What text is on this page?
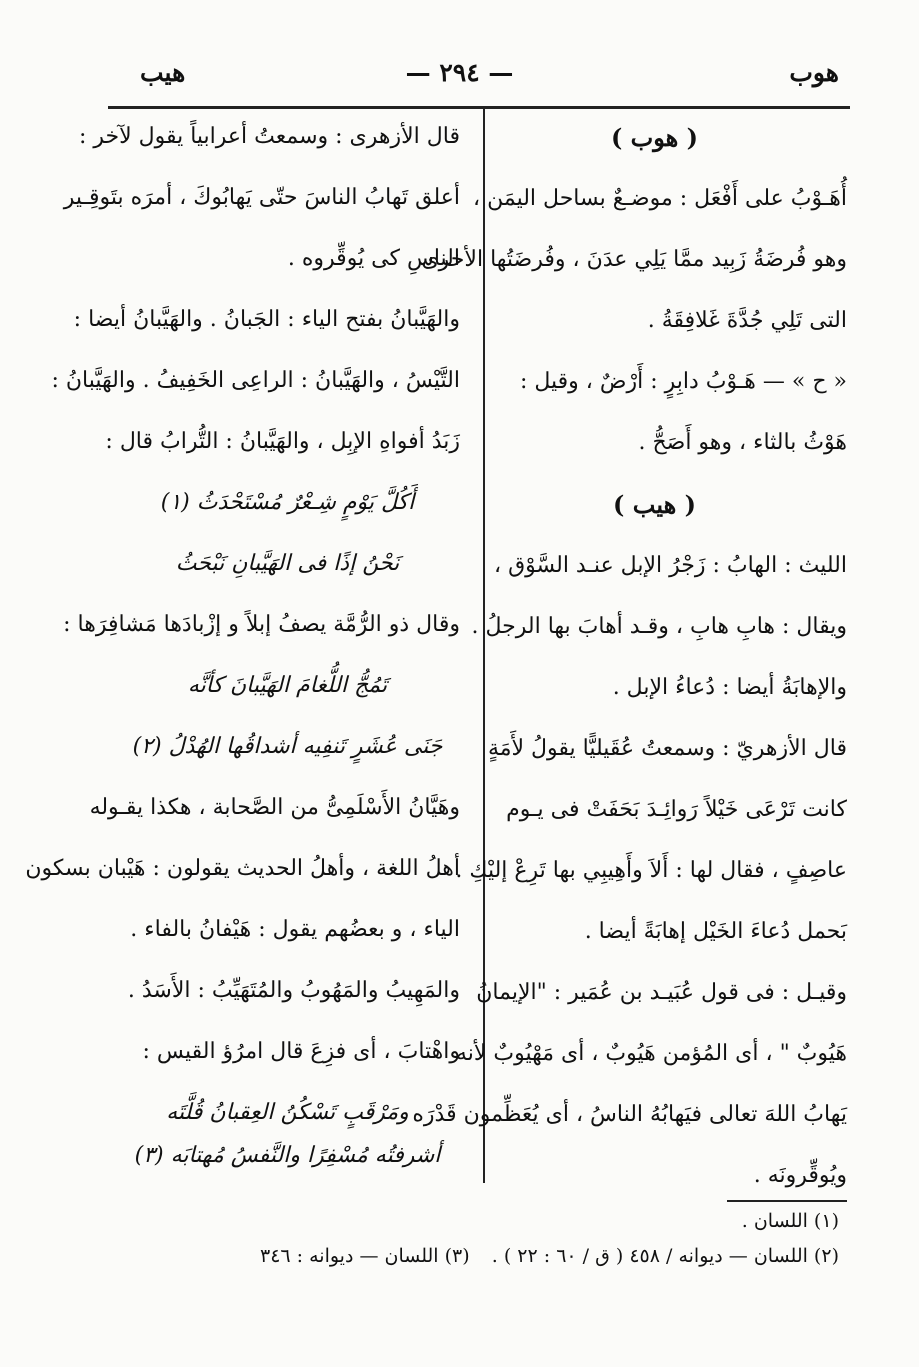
هوب
— ٢٩٤ —
هيب
( هوب )
أُهَـوْبُ على أَفْعَل : موضـعٌ بساحل اليمَن ،
وهو فُرضَةُ زَبِيد ممَّا يَلِي عدَنَ ، وفُرضَتُها الأخرى
التى تَلِي جُدَّةَ غَلافِقَةُ .
« ح » — هَـوْبُ دابِرٍ : أَرْضٌ ، وقيل :
هَوْثُ بالثاء ، وهو أَصَحُّ .
( هيب )
الليث : الهابُ : زَجْرُ الإبل عنـد السَّوْق ،
ويقال : هابِ هابِ ، وقـد أهابَ بها الرجلُ .
والإهابَةُ أيضا : دُعاءُ الإبل .
قال الأزهريّ : وسمعتُ عُقَيليًّا يقولُ لأَمَةٍ
كانت تَرْعَى خَيْلاً رَوائِـدَ بَحَفَتْ فى يـوم
عاصِفٍ ، فقال لها : أَلاَ وأَهِيبِي بها تَرِعْ إليْكِ .
بَحمل دُعاءَ الخَيْل إهابَةً أيضا .
وقيـل : فى قول عُبَيـد بن عُمَير : "الإيمانُ
هَيُوبٌ " ، أى المُؤمن هَيُوبٌ ، أى مَهْيُوبٌ لأنه
يَهابُ اللهَ تعالى فيَهابُهُ الناسُ ، أى يُعَظِّمون قَدْرَه
ويُوقِّرونَه .
قال الأزهرى : وسمعتُ أعرابياً يقول لآخر :
أعلق تَهابُ الناسَ حتّى يَهابُوكَ ، أمرَه بتَوقِـير
الناسِ كى يُوقِّروه .
والهَيَّبانُ بفتح الياء : الجَبانُ . والهَيَّبانُ أيضا :
التَّيْسُ ، والهَيَّبانُ : الراعِى الخَفِيفُ . والهَيَّبانُ :
زَبَدُ أفواهِ الإبِل ، والهَيَّبانُ : التُّرابُ قال :
أَكُلَّ يَوْمٍ شِـعْرٌ مُسْتَحْدَثُ (١)
نَحْنُ إذًا فى الهَيَّبانِ نَبْحَثُ
وقال ذو الرُّمَّة يصفُ إبلاً و إزْبادَها مَشافِرَها :
تَمُجُّ اللُّغامَ الهَيَّبانَ كأنَّه
جَنَى عُشَرٍ تَنفِيه أشداقُها الهُدْلُ (٢)
وهَيَّانُ الأَسْلَمِىُّ من الصَّحابة ، هكذا يقـوله
أهلُ اللغة ، وأهلُ الحديث يقولون : هَيْبان بسكون
الياء ، و بعضُهم يقول : هَيْفانُ بالفاء .
والمَهِيبُ والمَهُوبُ والمُتَهَيِّبُ : الأَسَدُ .
واهْتابَ ، أى فزِعَ قال امرُؤ القيس :
ومَرْقَبٍ تَسْكُنُ العِقبانُ قُلَّتَه
أشرفتُه مُسْفِرًا والنَّفسُ مُهتابَه (٣)
(١) اللسان .
(٢) اللسان — ديوانه / ٤٥٨ ( ق / ٦٠ : ٢٢ ) .
(٣) اللسان — ديوانه : ٣٤٦
